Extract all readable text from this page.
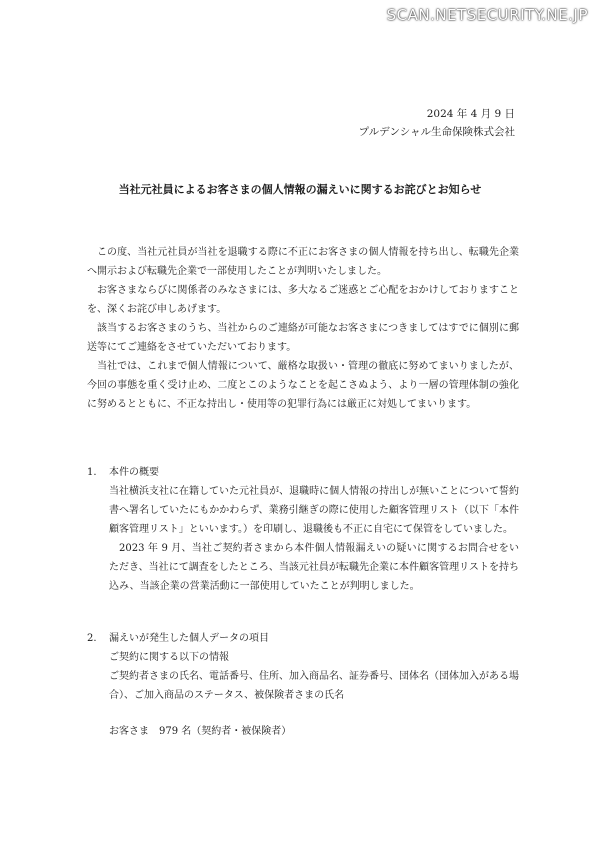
SCAN.NETSECURITY.NE.JP
2024 年 4 月 9 日
プルデンシャル生命保険株式会社
当社元社員によるお客さまの個人情報の漏えいに関するお詫びとお知らせ

この度、当社元社員が当社を退職する際に不正にお客さまの個人情報を持ち出し、転職先企業へ開示および転職先企業で一部使用したことが判明いたしました。

お客さまならびに関係者のみなさまには、多大なるご迷惑とご心配をおかけしておりますことを、深くお詫び申しあげます。

該当するお客さまのうち、当社からのご連絡が可能なお客さまにつきましてはすでに個別に郵送等にてご連絡をさせていただいております。

当社では、これまで個人情報について、厳格な取扱い・管理の徹底に努めてまいりましたが、今回の事態を重く受け止め、二度とこのようなことを起こさぬよう、より一層の管理体制の強化に努めるとともに、不正な持出し・使用等の犯罪行為には厳正に対処してまいります。

1. 本件の概要

当社横浜支社に在籍していた元社員が、退職時に個人情報の持出しが無いことについて誓約書へ署名していたにもかかわらず、業務引継ぎの際に使用した顧客管理リスト（以下「本件顧客管理リスト」といいます。）を印刷し、退職後も不正に自宅にて保管をしていました。

2023 年 9 月、当社ご契約者さまから本件個人情報漏えいの疑いに関するお問合せをいただき、当社にて調査をしたところ、当該元社員が転職先企業に本件顧客管理リストを持ち込み、当該企業の営業活動に一部使用していたことが判明しました。

2. 漏えいが発生した個人データの項目

ご契約に関する以下の情報

ご契約者さまの氏名、電話番号、住所、加入商品名、証券番号、団体名（団体加入がある場合）、ご加入商品のステータス、被保険者さまの氏名

お客さま　979 名（契約者・被保険者）
